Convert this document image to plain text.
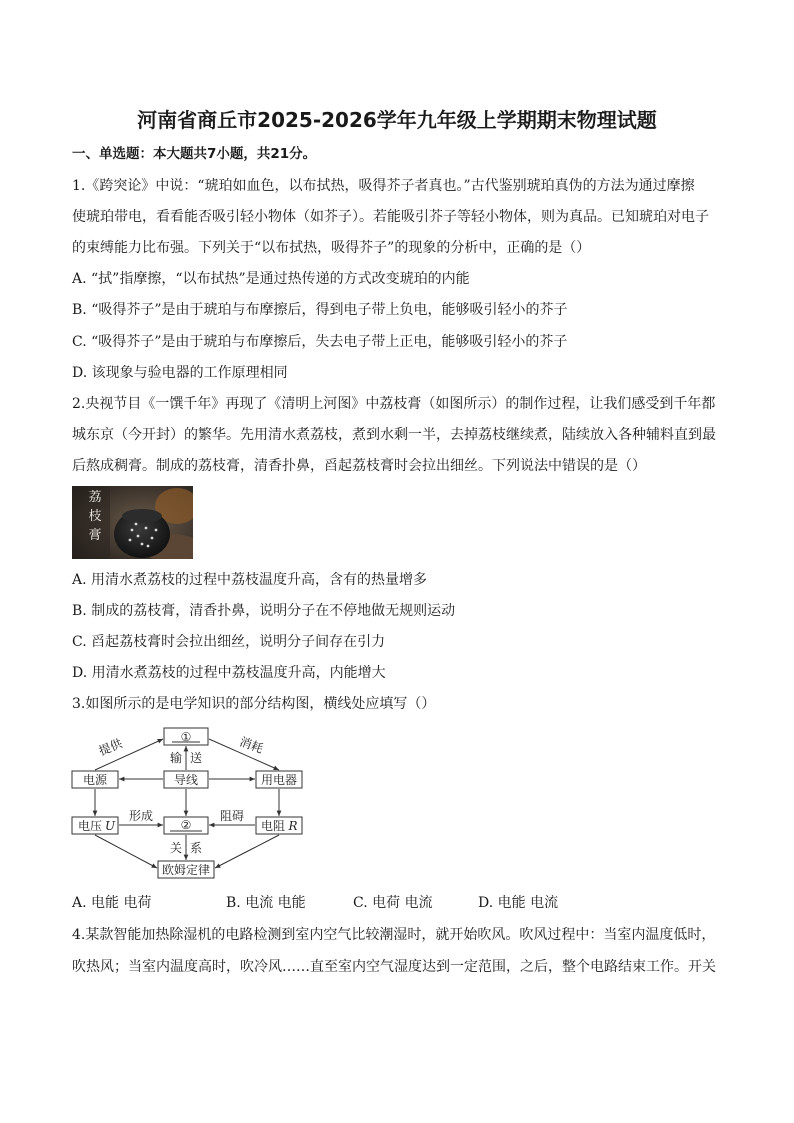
河南省商丘市2025-2026学年九年级上学期期末物理试题
一、单选题：本大题共7小题，共21分。
1.《跨突论》中说：“琥珀如血色，以布拭热，吸得芥子者真也。”古代鉴别琥珀真伪的方法为通过摩擦
使琥珀带电，看看能否吸引轻小物体（如芥子）。若能吸引芥子等轻小物体，则为真品。已知琥珀对电子
的束缚能力比布强。下列关于“以布拭热，吸得芥子”的现象的分析中，正确的是（）
A. “拭”指摩擦，“以布拭热”是通过热传递的方式改变琥珀的内能
B. “吸得芥子”是由于琥珀与布摩擦后，得到电子带上负电，能够吸引轻小的芥子
C. “吸得芥子”是由于琥珀与布摩擦后，失去电子带上正电，能够吸引轻小的芥子
D. 该现象与验电器的工作原理相同
2.央视节目《一馔千年》再现了《清明上河图》中荔枝膏（如图所示）的制作过程，让我们感受到千年都
城东京（今开封）的繁华。先用清水煮荔枝，煮到水剩一半，去掉荔枝继续煮，陆续放入各种辅料直到最
后熬成稠膏。制成的荔枝膏，清香扑鼻，舀起荔枝膏时会拉出细丝。下列说法中错误的是（）
荔
枝
膏
A. 用清水煮荔枝的过程中荔枝温度升高，含有的热量增多
B. 制成的荔枝膏，清香扑鼻，说明分子在不停地做无规则运动
C. 舀起荔枝膏时会拉出细丝，说明分子间存在引力
D. 用清水煮荔枝的过程中荔枝温度升高，内能增大
3.如图所示的是电学知识的部分结构图，横线处应填写（）
①
电源	导线	用电器
电压 U	②	电阻 R
欧姆定律
提供	消耗
输 送
形成	阻碍
关 系
A. 电能 电荷	B. 电流 电能	C. 电荷 电流	D. 电能 电流
4.某款智能加热除湿机的电路检测到室内空气比较潮湿时，就开始吹风。吹风过程中：当室内温度低时，
吹热风；当室内温度高时，吹冷风……直至室内空气湿度达到一定范围，之后，整个电路结束工作。开关
